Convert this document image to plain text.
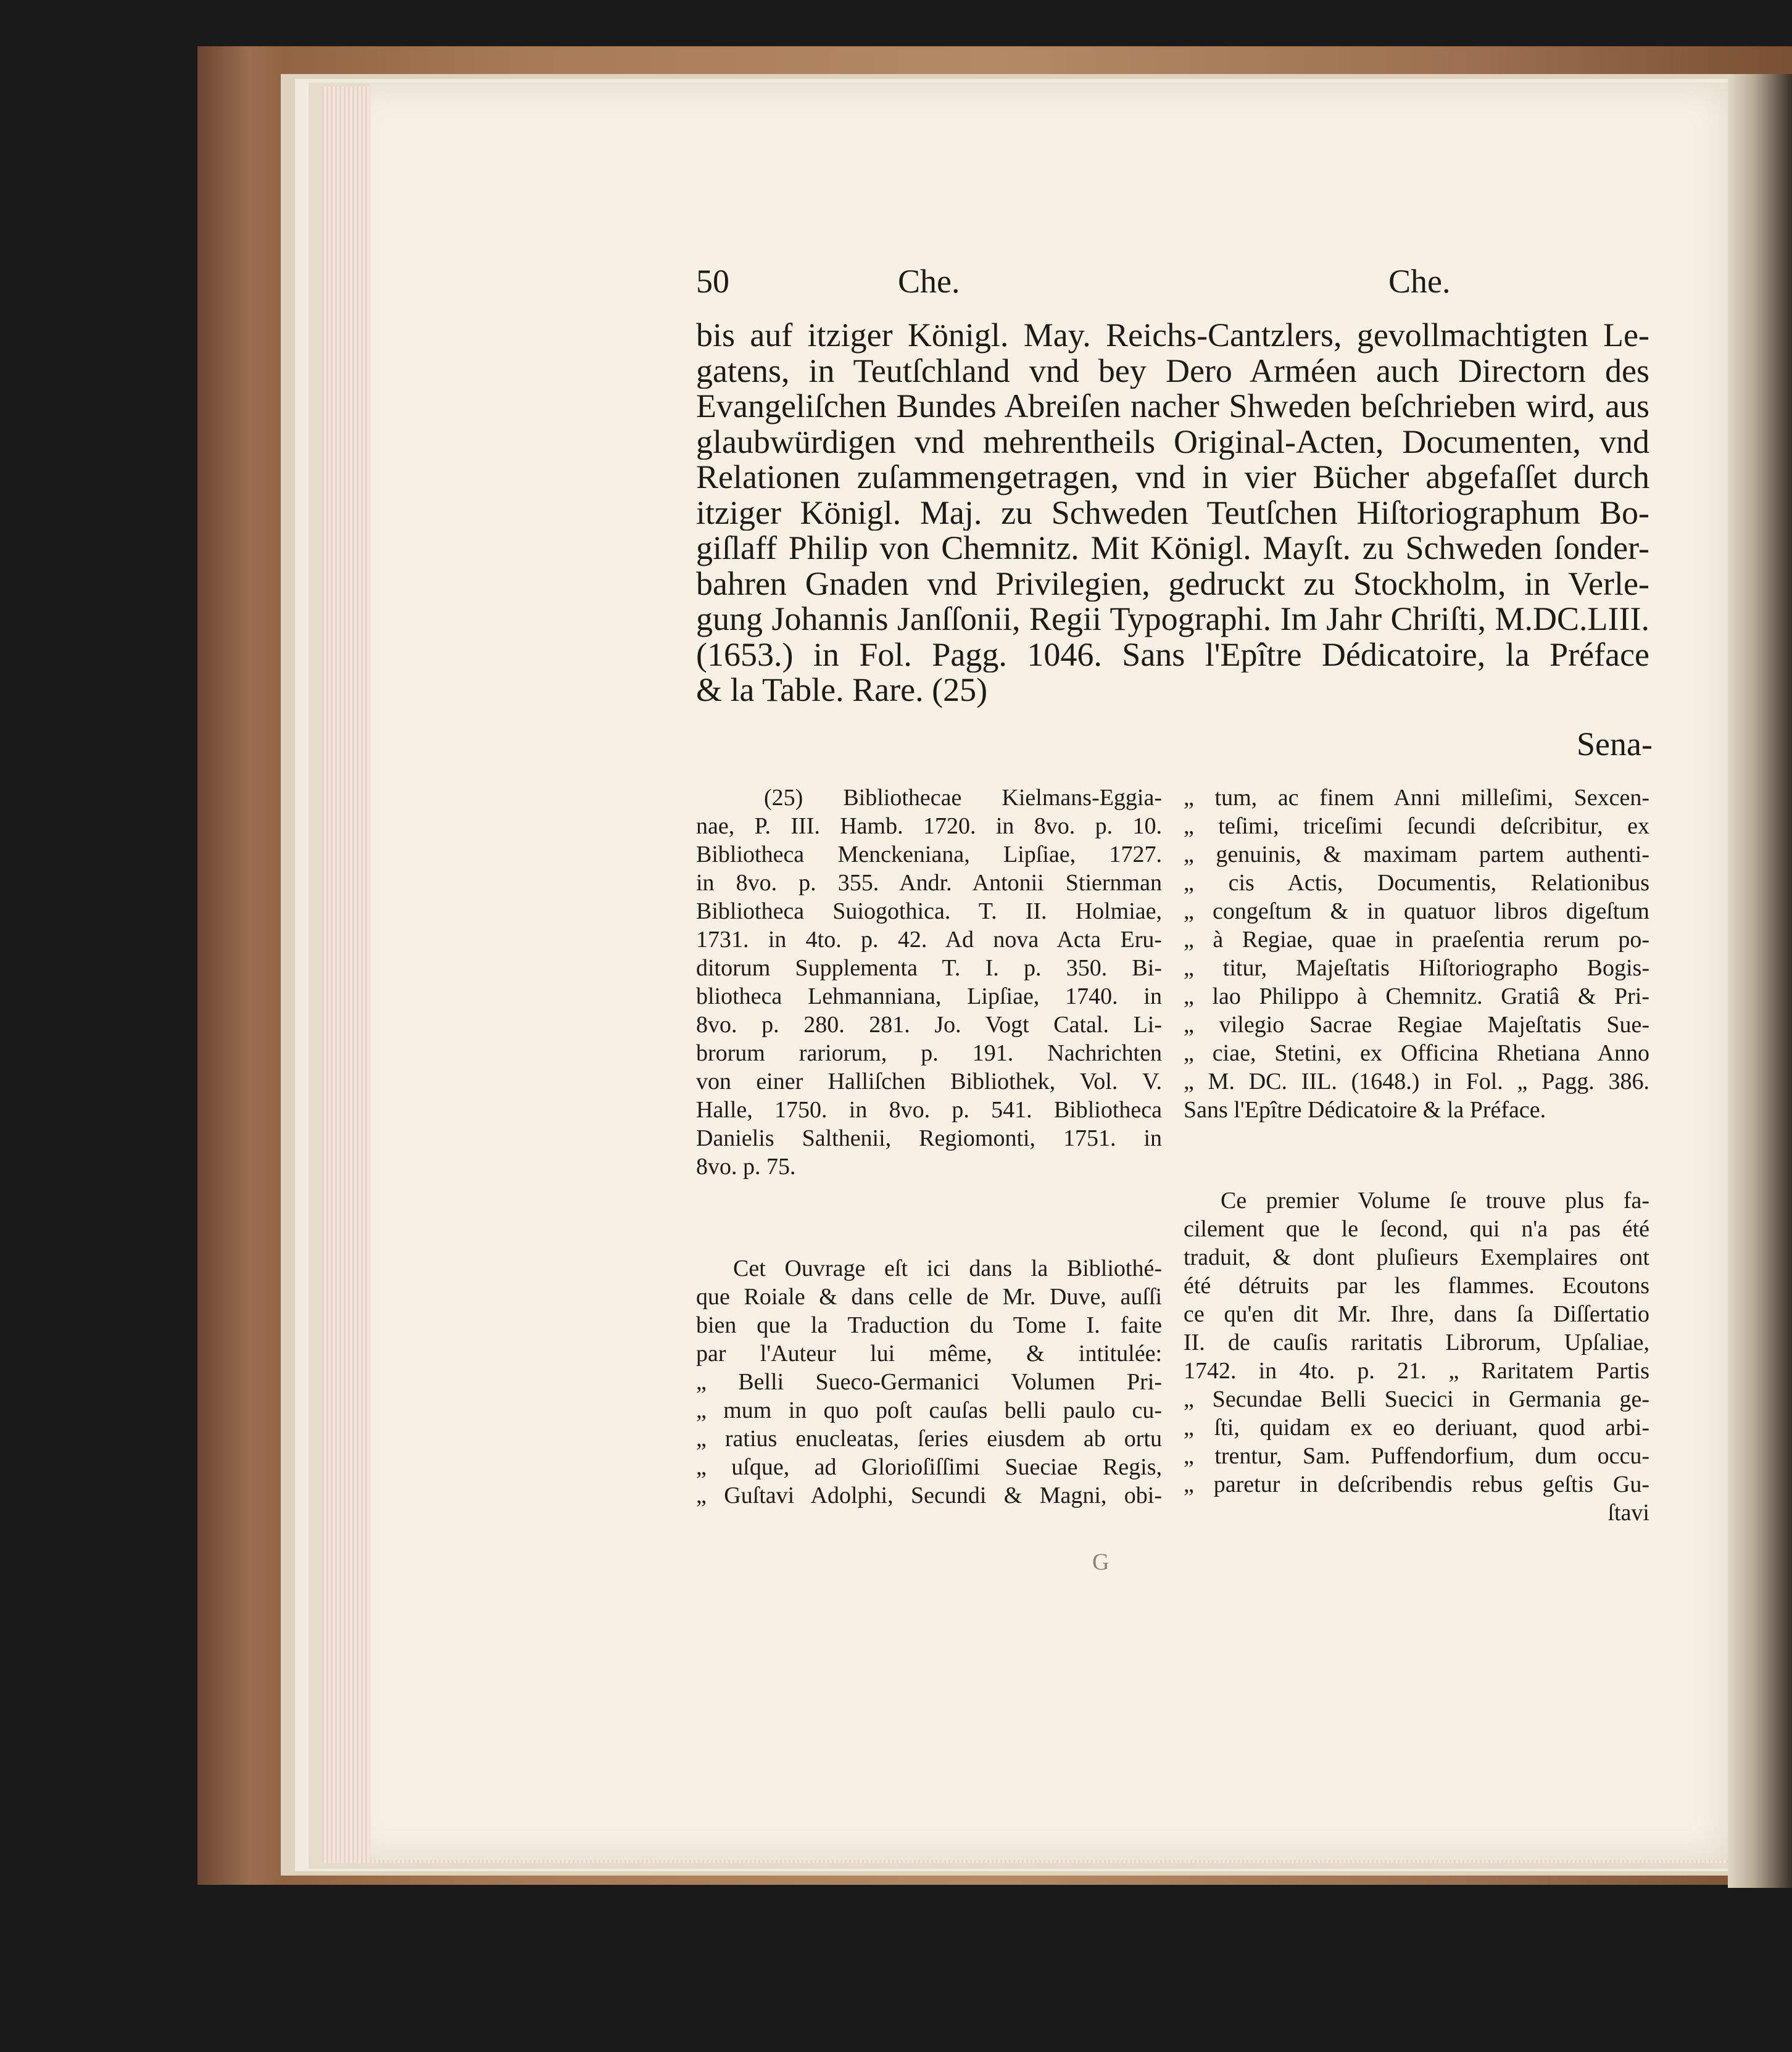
50	Che.	Che.
bis auf itziger Königl. May. Reichs-Cantzlers, gevollmachtigten Le-
gatens, in Teutſchland vnd bey Dero Arméen auch Directorn des
Evangeliſchen Bundes Abreiſen nacher Shweden beſchrieben wird, aus
glaubwürdigen vnd mehrentheils Original-Acten, Documenten, vnd
Relationen zuſammengetragen, vnd in vier Bücher abgefaſſet durch
itziger Königl. Maj. zu Schweden Teutſchen Hiſtoriographum Bo-
giſlaff Philip von Chemnitz. Mit Königl. Mayſt. zu Schweden ſonder-
bahren Gnaden vnd Privilegien, gedruckt zu Stockholm, in Verle-
gung Johannis Janſſonii, Regii Typographi. Im Jahr Chriſti, M.DC.LIII.
(1653.) in Fol. Pagg. 1046. Sans l'Epître Dédicatoire, la Préface
& la Table. Rare. (25)
Sena-
(25) Bibliothecae Kielmans-Eggia-
nae, P. III. Hamb. 1720. in 8vo. p. 10.
Bibliotheca Menckeniana, Lipſiae, 1727.
in 8vo. p. 355. Andr. Antonii Stiernman
Bibliotheca Suiogothica. T. II. Holmiae,
1731. in 4to. p. 42. Ad nova Acta Eru-
ditorum Supplementa T. I. p. 350. Bi-
bliotheca Lehmanniana, Lipſiae, 1740. in
8vo. p. 280. 281. Jo. Vogt Catal. Li-
brorum rariorum, p. 191. Nachrichten
von einer Halliſchen Bibliothek, Vol. V.
Halle, 1750. in 8vo. p. 541. Bibliotheca
Danielis Salthenii, Regiomonti, 1751. in
8vo. p. 75.
Cet Ouvrage eſt ici dans la Bibliothé-
que Roiale & dans celle de Mr. Duve, auſſi
bien que la Traduction du Tome I. faite
par l'Auteur lui même, & intitulée:
„ Belli Sueco-Germanici Volumen Pri-
„ mum in quo poſt cauſas belli paulo cu-
„ ratius enucleatas, ſeries eiusdem ab ortu
„ uſque, ad Glorioſiſſimi Sueciae Regis,
„ Guſtavi Adolphi, Secundi & Magni, obi-
„ tum, ac finem Anni milleſimi, Sexcen-
„ teſimi, triceſimi ſecundi deſcribitur, ex
„ genuinis, & maximam partem authenti-
„ cis Actis, Documentis, Relationibus
„ congeſtum & in quatuor libros digeſtum
„ à Regiae, quae in praeſentia rerum po-
„ titur, Majeſtatis Hiſtoriographo Bogis-
„ lao Philippo à Chemnitz. Gratiâ & Pri-
„ vilegio Sacrae Regiae Majeſtatis Sue-
„ ciae, Stetini, ex Officina Rhetiana Anno
„ M. DC. IIL. (1648.) in Fol. „ Pagg. 386.
Sans l'Epître Dédicatoire & la Préface.
Ce premier Volume ſe trouve plus fa-
cilement que le ſecond, qui n'a pas été
traduit, & dont pluſieurs Exemplaires ont
été détruits par les flammes. Ecoutons
ce qu'en dit Mr. Ihre, dans ſa Diſſertatio
II. de cauſis raritatis Librorum, Upſaliae,
1742. in 4to. p. 21. „ Raritatem Partis
„ Secundae Belli Suecici in Germania ge-
„ ſti, quidam ex eo deriuant, quod arbi-
„ trentur, Sam. Puffendorfium, dum occu-
„ paretur in deſcribendis rebus geſtis Gu-
ſtavi
G
